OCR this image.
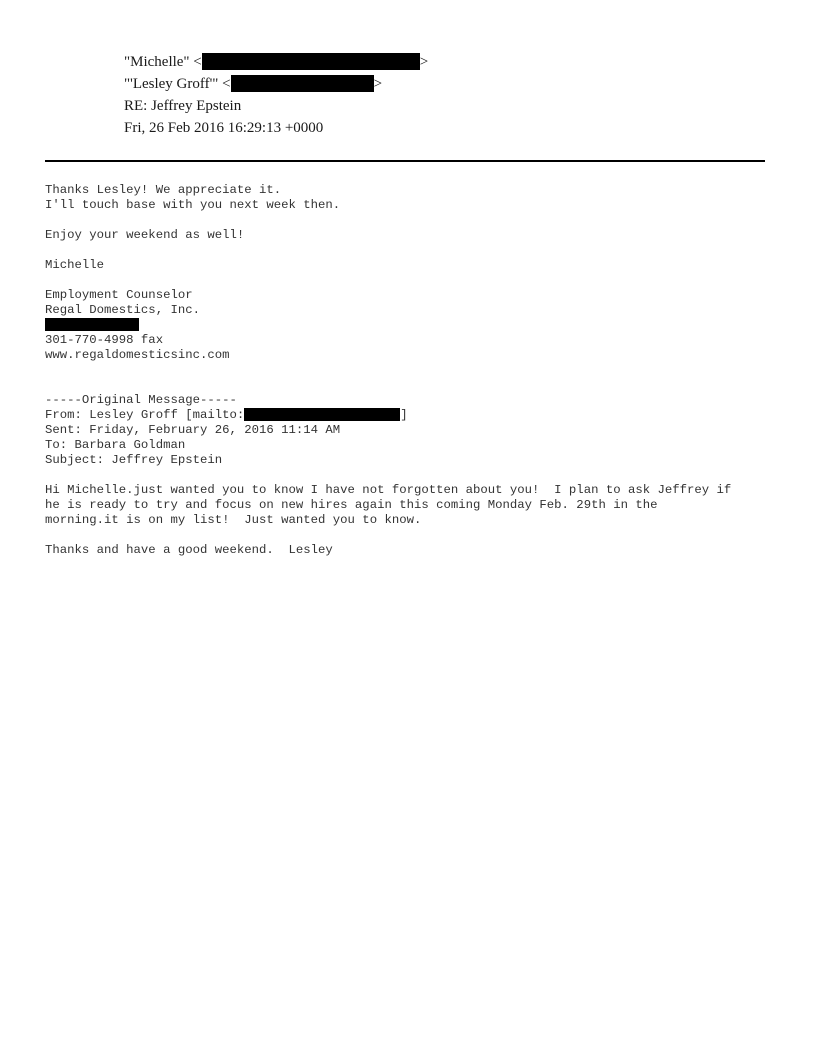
"Michelle" <	>
"'Lesley Groff'" <	>
RE: Jeffrey Epstein
Fri, 26 Feb 2016 16:29:13 +0000
Thanks Lesley! We appreciate it.
I'll touch base with you next week then.
Enjoy your weekend as well!
Michelle
Employment Counselor
Regal Domestics, Inc.
301-770-4998 fax
www.regaldomesticsinc.com
-----Original Message-----
From: Lesley Groff [mailto:	]
Sent: Friday, February 26, 2016 11:14 AM
To: Barbara Goldman
Subject: Jeffrey Epstein
Hi Michelle.just wanted you to know I have not forgotten about you!  I plan to ask Jeffrey if
he is ready to try and focus on new hires again this coming Monday Feb. 29th in the
morning.it is on my list!  Just wanted you to know.
Thanks and have a good weekend.  Lesley
